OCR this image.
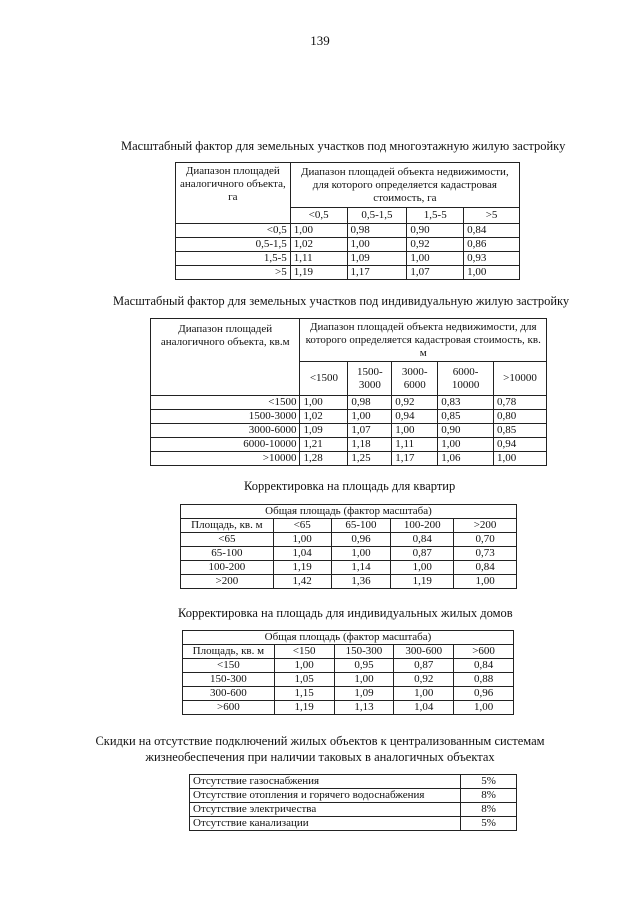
139
Масштабный фактор для земельных участков под многоэтажную жилую застройку
Диапазон площадей аналогичного объекта, га	Диапазон площадей объекта недвижимости, для которого определяется кадастровая стоимость, га			
	<0,5	0,5-1,5	1,5-5	>5
<0,5	1,00	0,98	0,90	0,84
0,5-1,5	1,02	1,00	0,92	0,86
1,5-5	1,11	1,09	1,00	0,93
>5	1,19	1,17	1,07	1,00
Масштабный фактор для земельных участков под индивидуальную жилую застройку
Диапазон площадей аналогичного объекта, кв.м	Диапазон площадей объекта недвижимости, для которого определяется кадастровая стоимость, кв. м				
	<1500	1500-3000	3000-6000	6000-10000	>10000
<1500	1,00	0,98	0,92	0,83	0,78
1500-3000	1,02	1,00	0,94	0,85	0,80
3000-6000	1,09	1,07	1,00	0,90	0,85
6000-10000	1,21	1,18	1,11	1,00	0,94
>10000	1,28	1,25	1,17	1,06	1,00
Корректировка на площадь для квартир
Общая площадь (фактор масштаба)				
Площадь, кв. м	<65	65-100	100-200	>200
<65	1,00	0,96	0,84	0,70
65-100	1,04	1,00	0,87	0,73
100-200	1,19	1,14	1,00	0,84
>200	1,42	1,36	1,19	1,00
Корректировка на площадь для индивидуальных жилых домов
Общая площадь (фактор масштаба)				
Площадь, кв. м	<150	150-300	300-600	>600
<150	1,00	0,95	0,87	0,84
150-300	1,05	1,00	0,92	0,88
300-600	1,15	1,09	1,00	0,96
>600	1,19	1,13	1,04	1,00
Скидки на отсутствие подключений жилых объектов к централизованным системам
жизнеобеспечения при наличии таковых в аналогичных объектах
Отсутствие газоснабжения	5%
Отсутствие отопления и горячего водоснабжения	8%
Отсутствие электричества	8%
Отсутствие канализации	5%
